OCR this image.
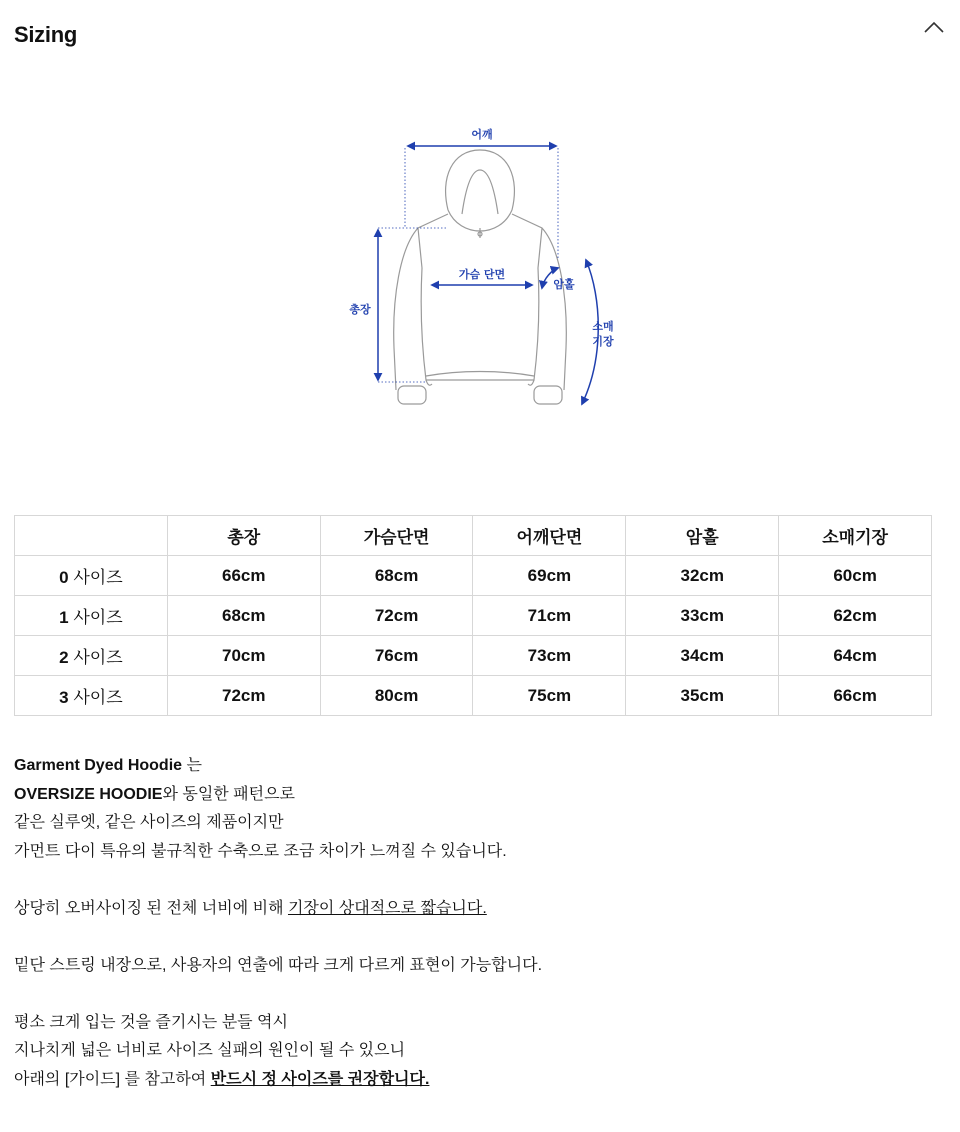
Sizing
어깨
총장
가슴 단면
암홀
소매
기장
	총장	가슴단면	어깨단면	암홀	소매기장
0 사이즈	66cm	68cm	69cm	32cm	60cm
1 사이즈	68cm	72cm	71cm	33cm	62cm
2 사이즈	70cm	76cm	73cm	34cm	64cm
3 사이즈	72cm	80cm	75cm	35cm	66cm

Garment Dyed Hoodie 는

OVERSIZE HOODIE와 동일한 패턴으로

같은 실루엣, 같은 사이즈의 제품이지만

가먼트 다이 특유의 불규칙한 수축으로 조금 차이가 느껴질 수 있습니다.

상당히 오버사이징 된 전체 너비에 비해 기장이 상대적으로 짧습니다.

밑단 스트링 내장으로, 사용자의 연출에 따라 크게 다르게 표현이 가능합니다.

평소 크게 입는 것을 즐기시는 분들 역시

지나치게 넓은 너비로 사이즈 실패의 원인이 될 수 있으니

아래의 [가이드] 를 참고하여 반드시 정 사이즈를 권장합니다.
